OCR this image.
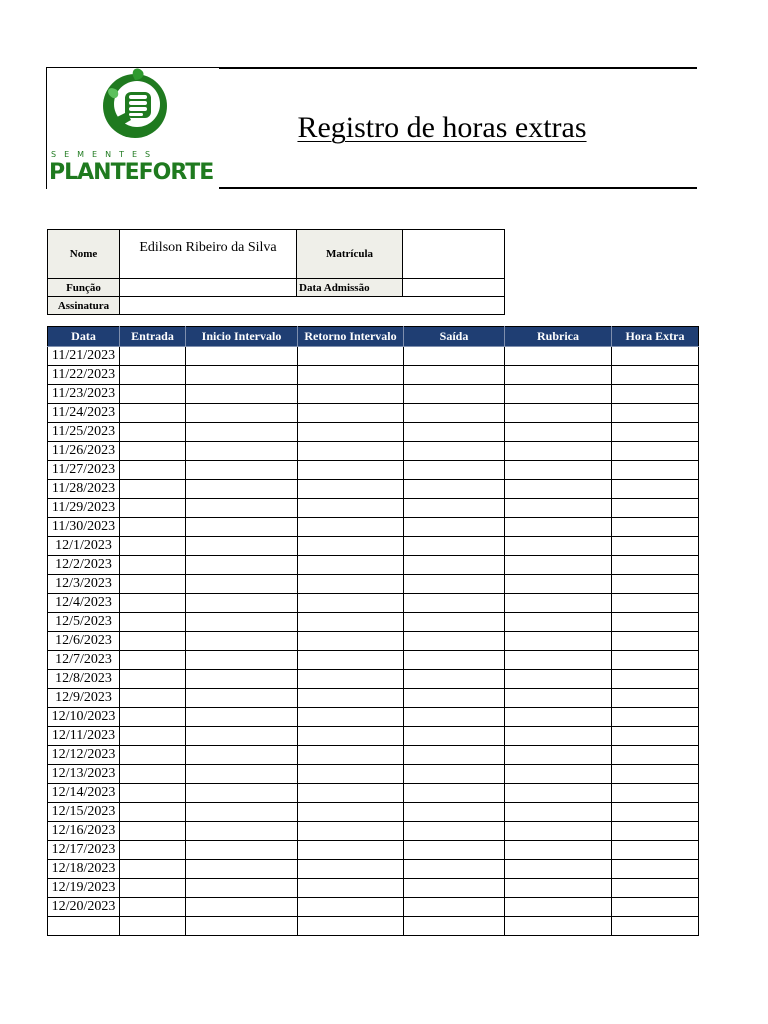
SEMENTES
PLANTEFORTE
Registro de horas extras
Nome	Edilson Ribeiro da Silva	Matrícula	
Função		Data Admissão	
Assinatura			
Data	Entrada	Inicio Intervalo	Retorno Intervalo	Saída	Rubrica	Hora Extra
11/21/2023						
11/22/2023						
11/23/2023						
11/24/2023						
11/25/2023						
11/26/2023						
11/27/2023						
11/28/2023						
11/29/2023						
11/30/2023						
12/1/2023						
12/2/2023						
12/3/2023						
12/4/2023						
12/5/2023						
12/6/2023						
12/7/2023						
12/8/2023						
12/9/2023						
12/10/2023						
12/11/2023						
12/12/2023						
12/13/2023						
12/14/2023						
12/15/2023						
12/16/2023						
12/17/2023						
12/18/2023						
12/19/2023						
12/20/2023						
